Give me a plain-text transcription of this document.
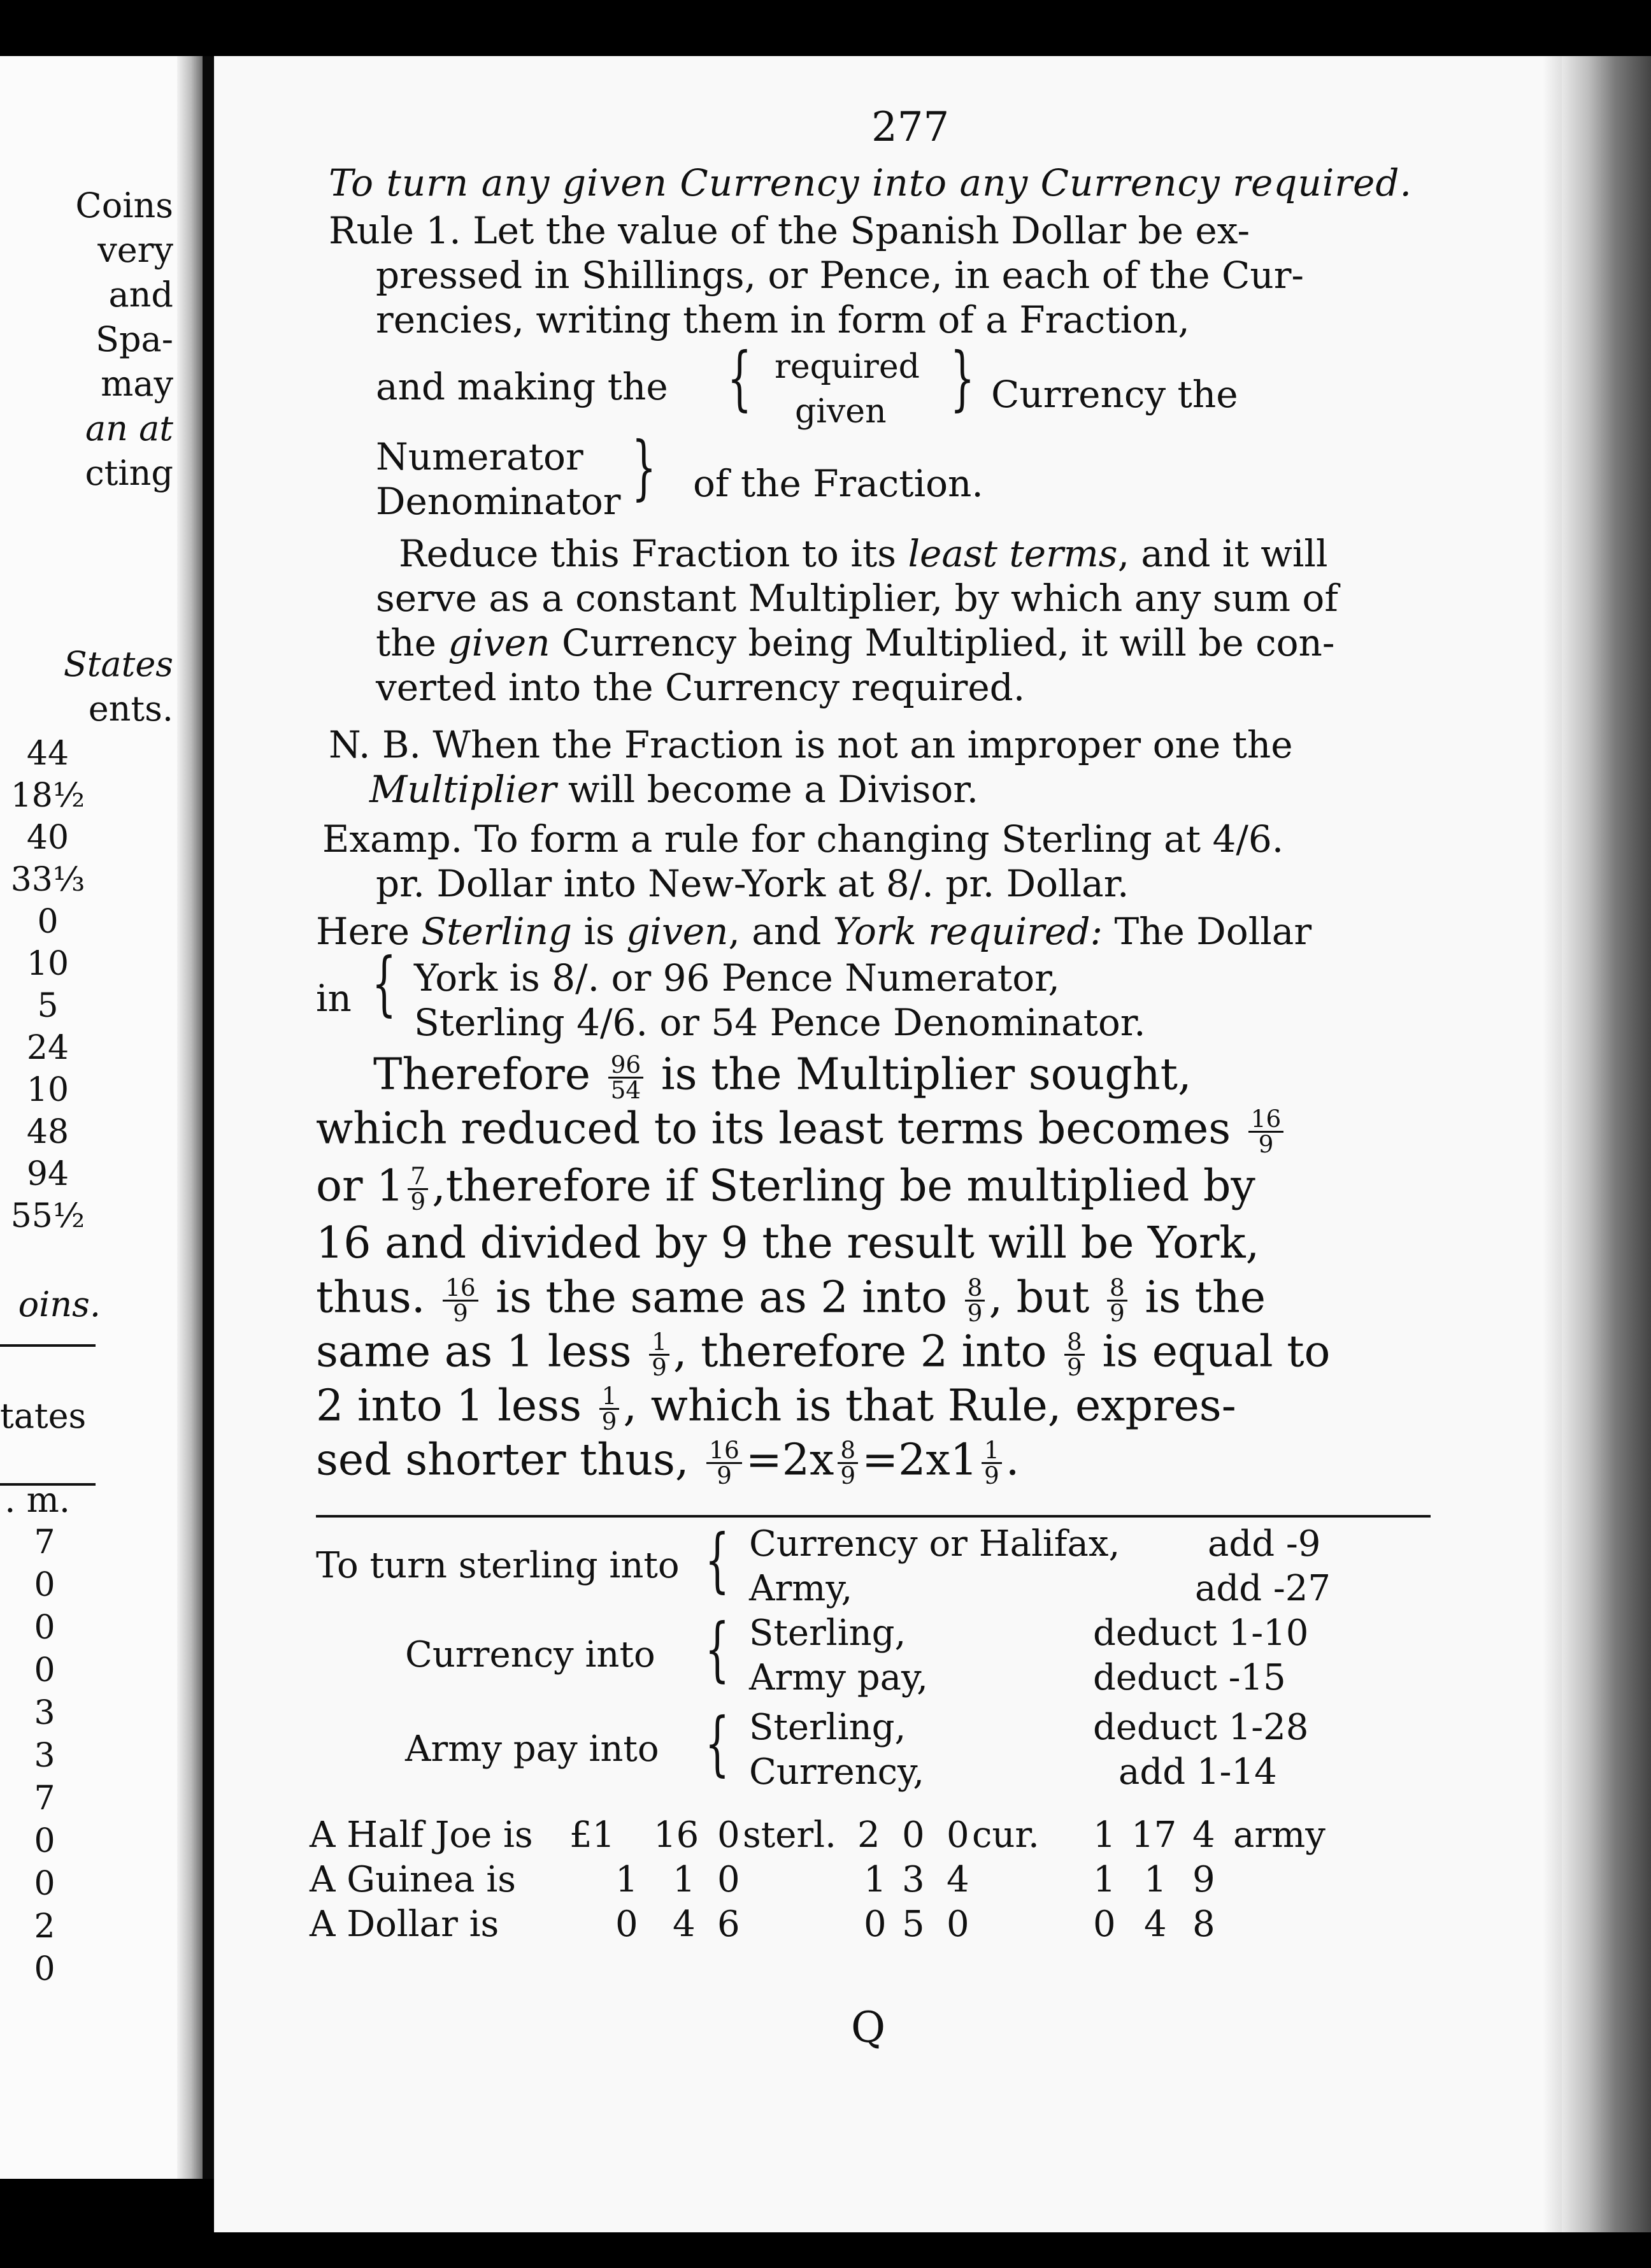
Coins
very
and
Spa-
may
an at
cting
States
ents.
44
18½
40
33⅓
0
10
5
24
10
48
94
55½
oins.
tates
. m.
7
0
0
0
3
3
7
0
0
2
0
277
To turn any given Currency into any Currency required.
Rule 1. Let the value of the Spanish Dollar be ex-
pressed in Shillings, or Pence, in each of the Cur-
rencies, writing them in form of a Fraction,
and making the { required
given } Currency the
Numerator
Denominator } of the Fraction.
Reduce this Fraction to its least terms, and it will
serve as a constant Multiplier, by which any sum of
the given Currency being Multiplied, it will be con-
verted into the Currency required.
N. B. When the Fraction is not an improper one the
Multiplier will become a Divisor.
Examp. To form a rule for changing Sterling at 4/6.
pr. Dollar into New-York at 8/. pr. Dollar.
Here Sterling is given, and York required: The Dollar
in { York is 8/. or 96 Pence Numerator,
Sterling 4/6. or 54 Pence Denominator.
Therefore $\frac{96}{54}$ is the Multiplier sought,
which reduced to its least terms becomes $\frac{16}{9}$
or $1 \frac{7}{9}$ ,therefore if Sterling be multiplied by
16 and divided by 9 the result will be York,
thus. $\frac{16}{9}$ is the same as 2 into $\frac{8}{9}$ , but $\frac{8}{9}$ is the
same as 1 less $\frac{1}{9}$ , therefore 2 into $\frac{8}{9}$ is equal to
2 into 1 less $\frac{1}{9}$ , which is that Rule, expres-
sed shorter thus, $\frac{16}{9} =2x \frac{8}{9} =2x1 \frac{1}{9}$ .
To turn sterling into { Currency or Halifax, add -9
Army,	add -27
Currency into { Sterling,	deduct 1-10
Army pay,	deduct -15
Army pay into { Sterling,	deduct 1-28
Currency,	add 1-14
A Half Joe is £1 16 0 sterl. 2 0 0 cur. 1 17 4 army
A Guinea is	1 1 0	1 3 4	1 1 9
A Dollar is	0 4 6	0 5 0	0 4 8
Q
